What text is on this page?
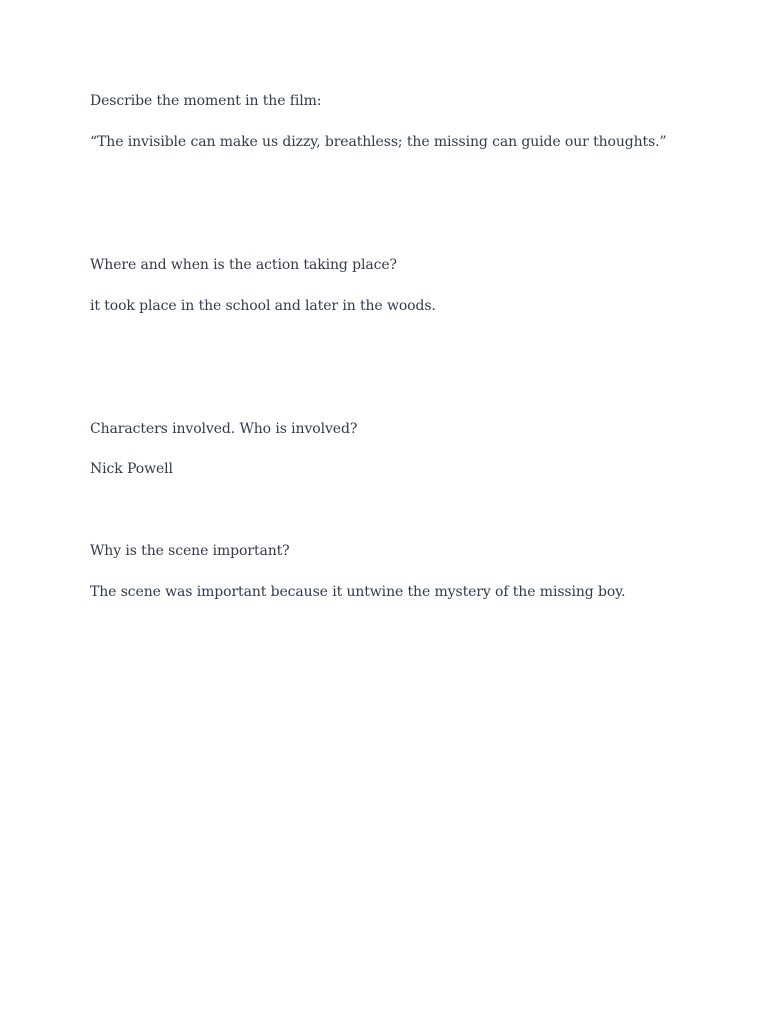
Describe the moment in the film:

“The invisible can make us dizzy, breathless; the missing can guide our thoughts.”

Where and when is the action taking place?

it took place in the school and later in the woods.

Characters involved. Who is involved?

Nick Powell

Why is the scene important?

The scene was important because it untwine the mystery of the missing boy.
